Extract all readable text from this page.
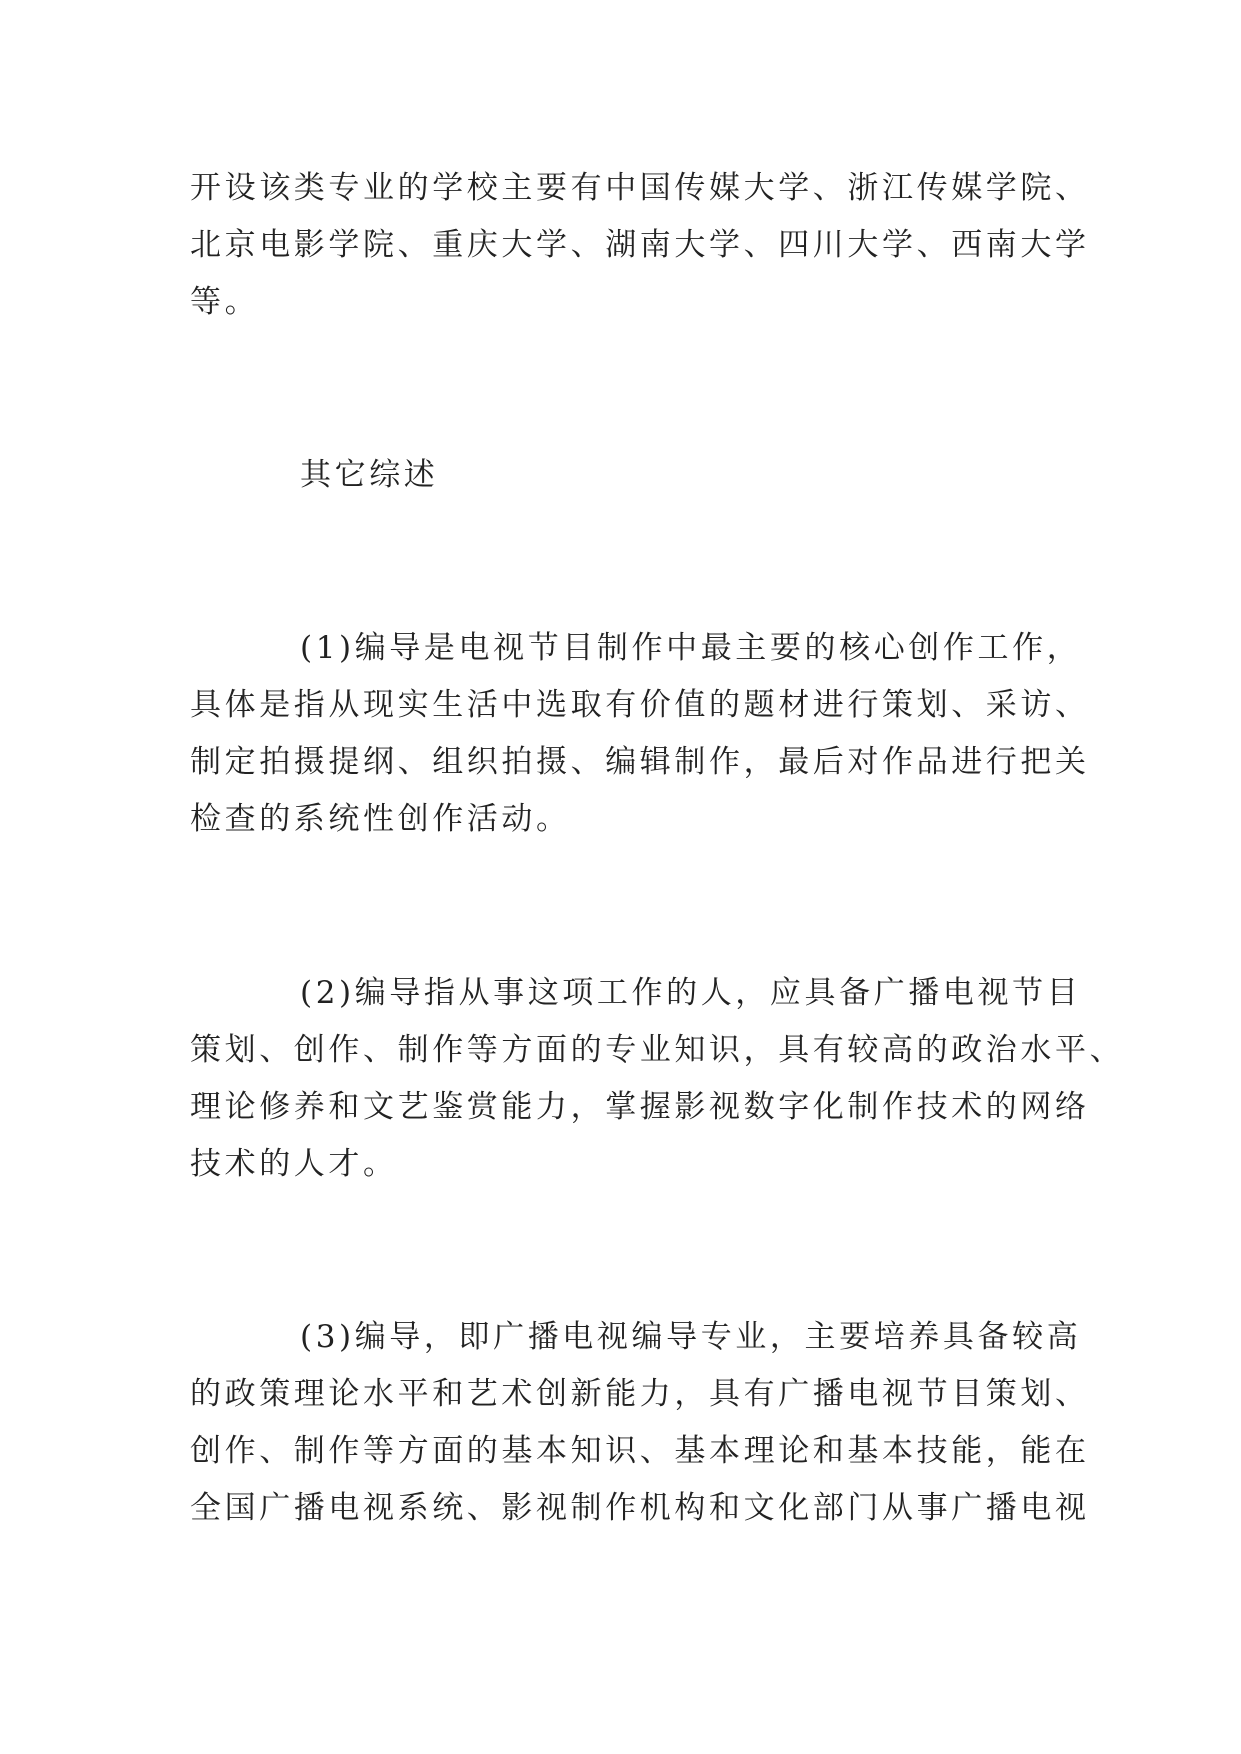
开设该类专业的学校主要有中国传媒大学、浙江传媒学院、
北京电影学院、重庆大学、湖南大学、四川大学、西南大学
等。
其它综述
(1)编导是电视节目制作中最主要的核心创作工作，
具体是指从现实生活中选取有价值的题材进行策划、采访、
制定拍摄提纲、组织拍摄、编辑制作，最后对作品进行把关
检查的系统性创作活动。
(2)编导指从事这项工作的人，应具备广播电视节目
策划、创作、制作等方面的专业知识，具有较高的政治水平、
理论修养和文艺鉴赏能力，掌握影视数字化制作技术的网络
技术的人才。
(3)编导，即广播电视编导专业，主要培养具备较高
的政策理论水平和艺术创新能力，具有广播电视节目策划、
创作、制作等方面的基本知识、基本理论和基本技能，能在
全国广播电视系统、影视制作机构和文化部门从事广播电视
